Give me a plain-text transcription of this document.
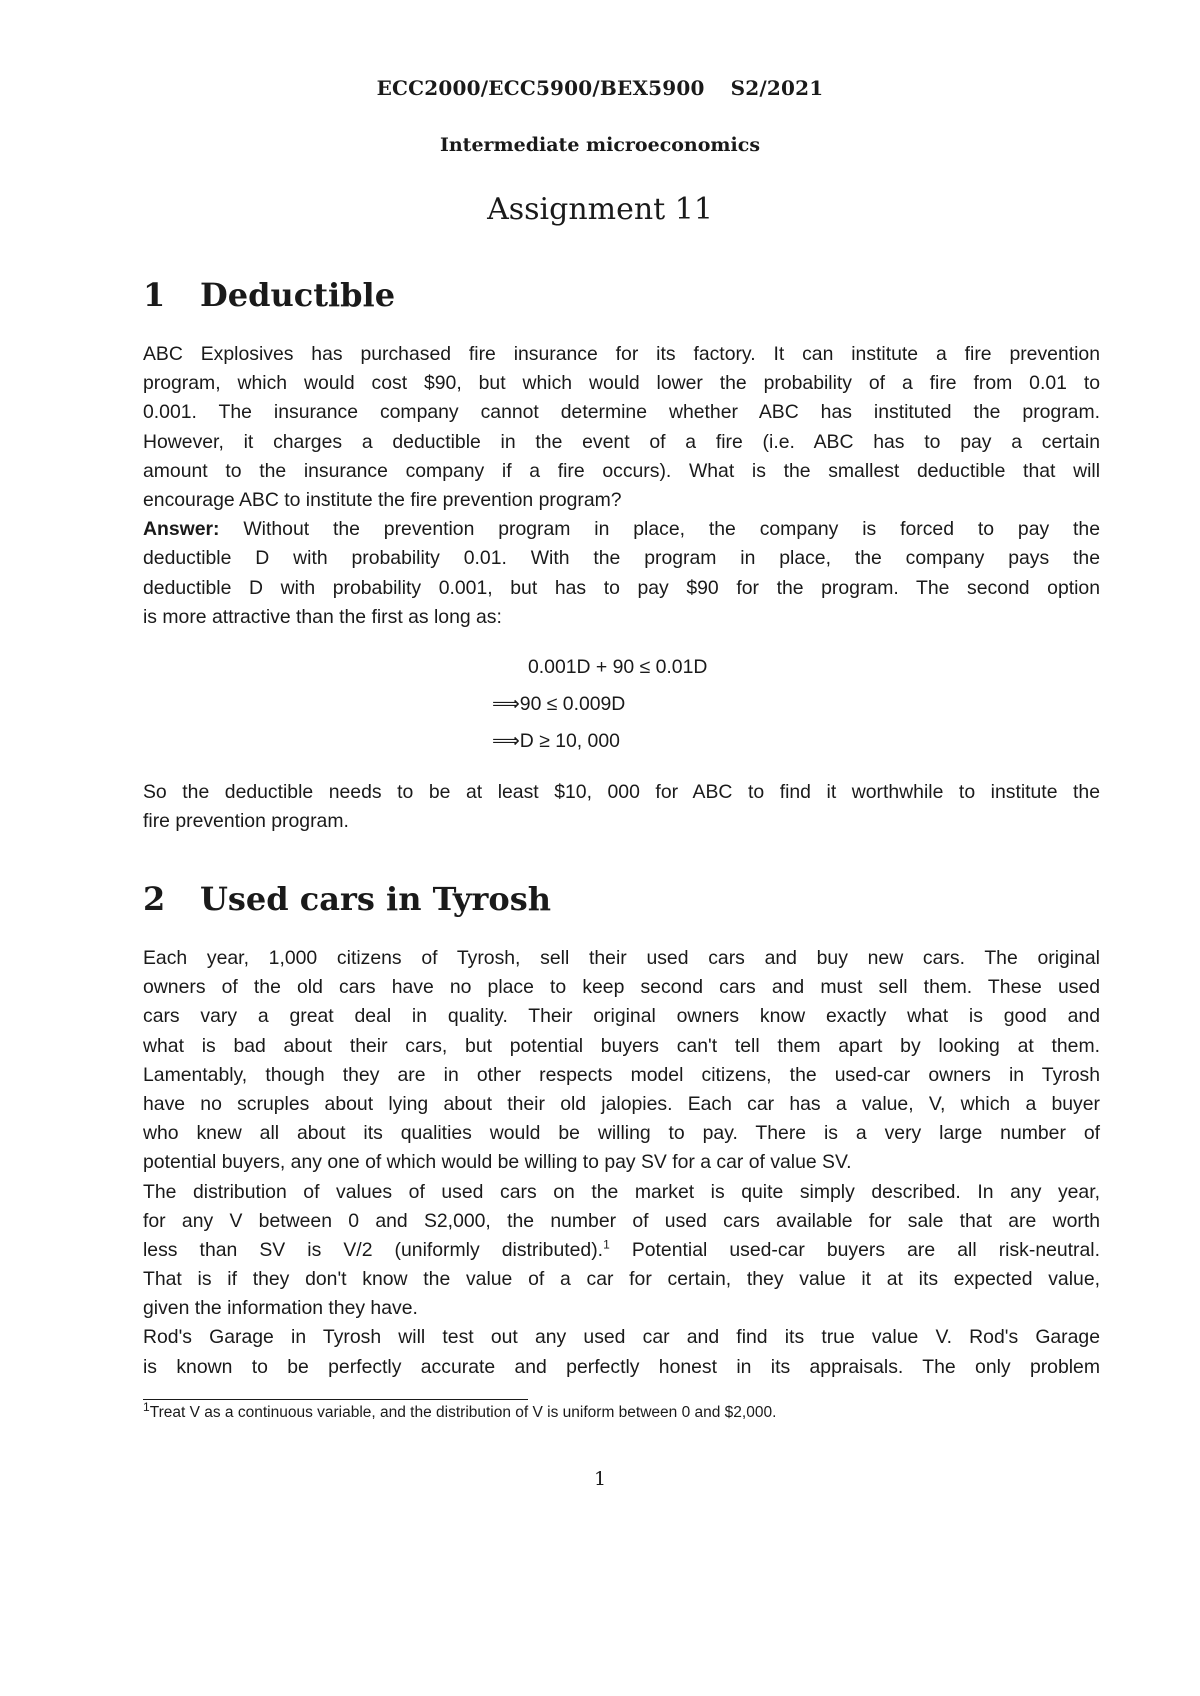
ECC2000/ECC5900/BEX5900 S2/2021
Intermediate microeconomics
Assignment 11
1 Deductible
ABC Explosives has purchased fire insurance for its factory. It can institute a fire prevention
program, which would cost $90, but which would lower the probability of a fire from 0.01 to
0.001. The insurance company cannot determine whether ABC has instituted the program.
However, it charges a deductible in the event of a fire (i.e. ABC has to pay a certain
amount to the insurance company if a fire occurs). What is the smallest deductible that will
encourage ABC to institute the fire prevention program?
Answer: Without the prevention program in place, the company is forced to pay the
deductible D with probability 0.01. With the program in place, the company pays the
deductible D with probability 0.001, but has to pay $90 for the program. The second option
is more attractive than the first as long as:
0.001D + 90 ≤ 0.01D
⟹90 ≤ 0.009D
⟹D ≥ 10, 000
So the deductible needs to be at least $10, 000 for ABC to find it worthwhile to institute the
fire prevention program.
2 Used cars in Tyrosh
Each year, 1,000 citizens of Tyrosh, sell their used cars and buy new cars. The original
owners of the old cars have no place to keep second cars and must sell them. These used
cars vary a great deal in quality. Their original owners know exactly what is good and
what is bad about their cars, but potential buyers can't tell them apart by looking at them.
Lamentably, though they are in other respects model citizens, the used-car owners in Tyrosh
have no scruples about lying about their old jalopies. Each car has a value, V, which a buyer
who knew all about its qualities would be willing to pay. There is a very large number of
potential buyers, any one of which would be willing to pay SV for a car of value SV.
The distribution of values of used cars on the market is quite simply described. In any year,
for any V between 0 and S2,000, the number of used cars available for sale that are worth
less than SV is V/2 (uniformly distributed).$^1$ Potential used-car buyers are all risk-neutral.
That is if they don't know the value of a car for certain, they value it at its expected value,
given the information they have.
Rod's Garage in Tyrosh will test out any used car and find its true value V. Rod's Garage
is known to be perfectly accurate and perfectly honest in its appraisals. The only problem
$^1$Treat V as a continuous variable, and the distribution of V is uniform between 0 and $2,000.
1
